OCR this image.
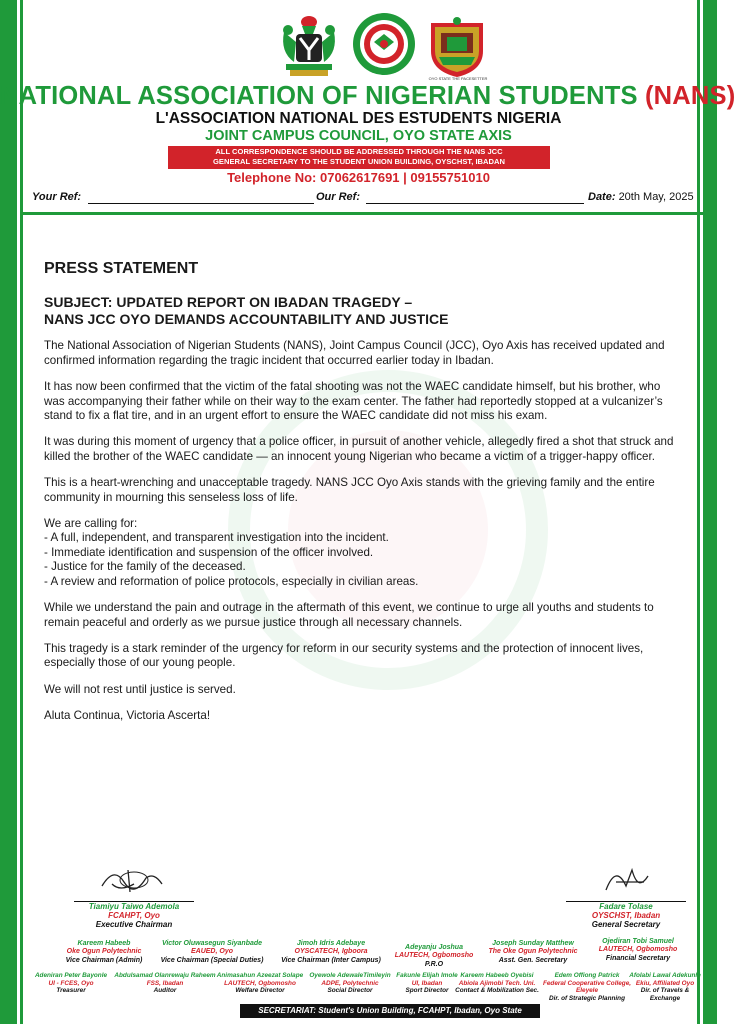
OYO STATE THE PACESETTER
NATIONAL ASSOCIATION OF NIGERIAN STUDENTS (NANS)
L'ASSOCIATION NATIONAL DES ESTUDENTS NIGERIA
JOINT CAMPUS COUNCIL, OYO STATE AXIS
ALL CORRESPONDENCE SHOULD BE ADDRESSED THROUGH THE NANS JCC
GENERAL SECRETARY TO THE STUDENT UNION BUILDING, OYSCHST, IBADAN
Telephone No: 07062617691 | 09155751010
Your Ref:	Our Ref:	Date: 20th May, 2025
PRESS STATEMENT
SUBJECT: UPDATED REPORT ON IBADAN TRAGEDY –
NANS JCC OYO DEMANDS ACCOUNTABILITY AND JUSTICE

The National Association of Nigerian Students (NANS), Joint Campus Council (JCC), Oyo Axis has received updated and confirmed information regarding the tragic incident that occurred earlier today in Ibadan.

It has now been confirmed that the victim of the fatal shooting was not the WAEC candidate himself, but his brother, who was accompanying their father while on their way to the exam center. The father had reportedly stopped at a vulcanizer’s stand to fix a flat tire, and in an urgent effort to ensure the WAEC candidate did not miss his exam.

It was during this moment of urgency that a police officer, in pursuit of another vehicle, allegedly fired a shot that struck and killed the brother of the WAEC candidate — an innocent young Nigerian who became a victim of a trigger-happy officer.

This is a heart-wrenching and unacceptable tragedy. NANS JCC Oyo Axis stands with the grieving family and the entire community in mourning this senseless loss of life.

We are calling for:
- A full, independent, and transparent investigation into the incident.
- Immediate identification and suspension of the officer involved.
- Justice for the family of the deceased.
- A review and reformation of police protocols, especially in civilian areas.

While we understand the pain and outrage in the aftermath of this event, we continue to urge all youths and students to remain peaceful and orderly as we pursue justice through all necessary channels.

This tragedy is a stark reminder of the urgency for reform in our security systems and the protection of innocent lives, especially those of our young people.

We will not rest until justice is served.

Aluta Continua, Victoria Ascerta!

Tiamiyu Taiwo Ademola
FCAHPT, Oyo
Executive Chairman
Fadare Tolase
OYSCHST, Ibadan
General Secretary
Kareem Habeeb
Oke Ogun Polytechnic
Vice Chairman (Admin)
Victor Oluwasegun Siyanbade
EAUED, Oyo
Vice Chairman (Special Duties)
Jimoh Idris Adebaye
OYSCATECH, Igboora
Vice Chairman (Inter Campus)
Adeyanju Joshua
LAUTECH, Ogbomosho
P.R.O
Joseph Sunday Matthew
The Oke Ogun Polytechnic
Asst. Gen. Secretary
Ojediran Tobi Samuel
LAUTECH, Ogbomosho
Financial Secretary
Adeniran Peter Bayonle
UI - FCES, Oyo
Treasurer
Abdulsamad Olanrewaju Raheem
FSS, Ibadan
Auditor
Animasahun Azeezat Solape
LAUTECH, Ogbomosho
Welfare Director
Oyewole AdewaleTimileyin
ADPE, Polytechnic
Social Director
Fakunle Elijah Imole
UI, Ibadan
Sport Director
Kareem Habeeb Oyebisi
Abiola Ajimobi Tech. Uni.
Contact & Mobilization Sec.
Edem Offiong Patrick
Federal Cooperative College, Eleyele
Dir. of Strategic Planning
Afolabi Lawal Adekunle
Ekiu, Affiliated Oyo
Dir. of Travels & Exchange
SECRETARIAT: Student's Union Building, FCAHPT, Ibadan, Oyo State
